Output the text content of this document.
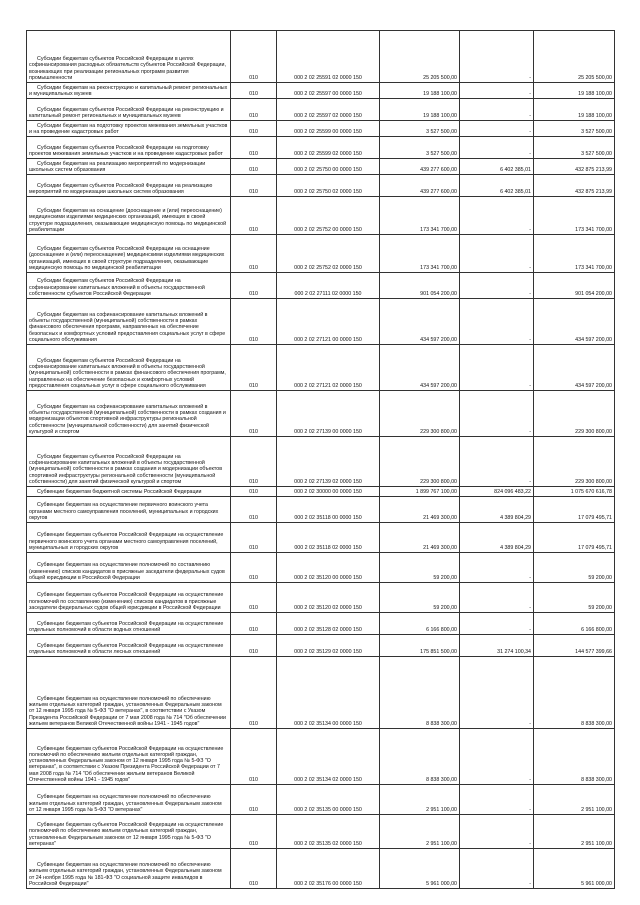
Субсидии бюджетам субъектов Российской Федерации в целях софинансирования расходных обязательств субъектов Российской Федерации, возникающих при реализации региональных программ развития промышленности	010	000 2 02 25591 02 0000 150	25 205 500,00	-	25 205 500,00
Субсидии бюджетам на реконструкцию и капитальный ремонт региональных и муниципальных музеев	010	000 2 02 25597 00 0000 150	19 188 100,00	-	19 188 100,00
Субсидии бюджетам субъектов Российской Федерации на реконструкцию и капитальный ремонт региональных и муниципальных музеев	010	000 2 02 25597 02 0000 150	19 188 100,00	-	19 188 100,00
Субсидии бюджетам на подготовку проектов межевания земельных участков и на проведение кадастровых работ	010	000 2 02 25599 00 0000 150	3 527 500,00	-	3 527 500,00
Субсидии бюджетам субъектов Российской Федерации на подготовку проектов межевания земельных участков и на проведение кадастровых работ	010	000 2 02 25599 02 0000 150	3 527 500,00	-	3 527 500,00
Субсидии бюджетам на реализацию мероприятий по модернизации школьных систем образования	010	000 2 02 25750 00 0000 150	439 277 600,00	6 402 385,01	432 875 213,99
Субсидии бюджетам субъектов Российской Федерации на реализацию мероприятий по модернизации школьных систем образования	010	000 2 02 25750 02 0000 150	439 277 600,00	6 402 385,01	432 875 213,99
Субсидии бюджетам на оснащение (дооснащение и (или) переоснащение) медицинскими изделиями медицинских организаций, имеющих в своей структуре подразделения, оказывающие медицинскую помощь по медицинской реабилитации	010	000 2 02 25752 00 0000 150	173 341 700,00	-	173 341 700,00
Субсидии бюджетам субъектов Российской Федерации на оснащение (дооснащение и (или) переоснащение) медицинскими изделиями медицинских организаций, имеющих в своей структуре подразделения, оказывающие медицинскую помощь по медицинской реабилитации	010	000 2 02 25752 02 0000 150	173 341 700,00	-	173 341 700,00
Субсидии бюджетам субъектов Российской Федерации на софинансирование капитальных вложений в объекты государственной собственности субъектов Российской Федерации	010	000 2 02 27111 02 0000 150	901 054 200,00	-	901 054 200,00
Субсидии бюджетам на софинансирование капитальных вложений в объекты государственной (муниципальной) собственности в рамках финансового обеспечения программ, направленных на обеспечение безопасных и комфортных условий предоставления социальных услуг в сфере социального обслуживания	010	000 2 02 27121 00 0000 150	434 597 200,00	-	434 597 200,00
Субсидии бюджетам субъектов Российской Федерации на софинансирование капитальных вложений в объекты государственной (муниципальной) собственности в рамках финансового обеспечения программ, направленных на обеспечение безопасных и комфортных условий предоставления социальных услуг в сфере социального обслуживания	010	000 2 02 27121 02 0000 150	434 597 200,00	-	434 597 200,00
Субсидии бюджетам на софинансирование капитальных вложений в объекты государственной (муниципальной) собственности в рамках создания и модернизации объектов спортивной инфраструктуры региональной собственности (муниципальной собственности) для занятий физической культурой и спортом	010	000 2 02 27139 00 0000 150	229 300 800,00	-	229 300 800,00
Субсидии бюджетам субъектов Российской Федерации на софинансирование капитальных вложений в объекты государственной (муниципальной) собственности в рамках создания и модернизации объектов спортивной инфраструктуры региональной собственности (муниципальной собственности) для занятий физической культурой и спортом	010	000 2 02 27139 02 0000 150	229 300 800,00	-	229 300 800,00
Субвенции бюджетам бюджетной системы Российской Федерации	010	000 2 02 30000 00 0000 150	1 899 767 100,00	824 096 483,22	1 075 670 616,78
Субвенции бюджетам на осуществление первичного воинского учета органами местного самоуправления поселений, муниципальных и городских округов	010	000 2 02 35118 00 0000 150	21 469 300,00	4 389 804,29	17 079 495,71
Субвенции бюджетам субъектов Российской Федерации на осуществление первичного воинского учета органами местного самоуправления поселений, муниципальных и городских округов	010	000 2 02 35118 02 0000 150	21 469 300,00	4 389 804,29	17 079 495,71
Субвенции бюджетам на осуществление полномочий по составлению (изменению) списков кандидатов в присяжные заседатели федеральных судов общей юрисдикции в Российской Федерации	010	000 2 02 35120 00 0000 150	59 200,00	-	59 200,00
Субвенции бюджетам субъектов Российской Федерации на осуществление полномочий по составлению (изменению) списков кандидатов в присяжные заседатели федеральных судов общей юрисдикции в Российской Федерации	010	000 2 02 35120 02 0000 150	59 200,00	-	59 200,00
Субвенции бюджетам субъектов Российской Федерации на осуществление отдельных полномочий в области водных отношений	010	000 2 02 35128 02 0000 150	6 166 800,00	-	6 166 800,00
Субвенции бюджетам субъектов Российской Федерации на осуществление отдельных полномочий в области лесных отношений	010	000 2 02 35129 02 0000 150	175 851 500,00	31 274 100,34	144 577 399,66
Субвенции бюджетам на осуществление полномочий по обеспечению жильем отдельных категорий граждан, установленных Федеральным законом от 12 января 1995 года № 5-ФЗ "О ветеранах", в соответствии с Указом Президента Российской Федерации от 7 мая 2008 года № 714 "Об обеспечении жильем ветеранов Великой Отечественной войны 1941 - 1945 годов"	010	000 2 02 35134 00 0000 150	8 838 300,00	-	8 838 300,00
Субвенции бюджетам субъектов Российской Федерации на осуществление полномочий по обеспечению жильем отдельных категорий граждан, установленных Федеральным законом от 12 января 1995 года № 5-ФЗ "О ветеранах", в соответствии с Указом Президента Российской Федерации от 7 мая 2008 года № 714 "Об обеспечении жильем ветеранов Великой Отечественной войны 1941 - 1945 годов"	010	000 2 02 35134 02 0000 150	8 838 300,00	-	8 838 300,00
Субвенции бюджетам на осуществление полномочий по обеспечению жильем отдельных категорий граждан, установленных Федеральным законом от 12 января 1995 года № 5-ФЗ "О ветеранах"	010	000 2 02 35135 00 0000 150	2 951 100,00	-	2 951 100,00
Субвенции бюджетам субъектов Российской Федерации на осуществление полномочий по обеспечению жильем отдельных категорий граждан, установленных Федеральным законом от 12 января 1995 года № 5-ФЗ "О ветеранах"	010	000 2 02 35135 02 0000 150	2 951 100,00	-	2 951 100,00
Субвенции бюджетам на осуществление полномочий по обеспечению жильем отдельных категорий граждан, установленных Федеральным законом от 24 ноября 1995 года № 181-ФЗ "О социальной защите инвалидов в Российской Федерации"	010	000 2 02 35176 00 0000 150	5 961 000,00	-	5 961 000,00
